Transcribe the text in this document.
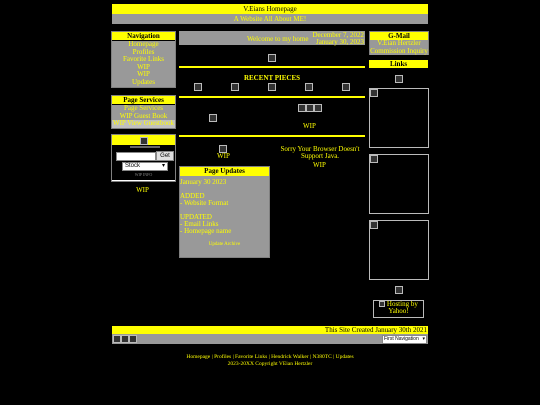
V.Eians Homepage
A Website All About ME!
Navigation
Homepage
Profiles
Favorite Links
WIP
WIP
Updates
Page Services
Page Services
WIP Guest Book
WIP View Guestbook
Get
Stock	▾
WIP INFO
WIP
Welcome to my home December 7, 2022
January 30, 2023
RECENT PIECES
WIP
WIP
Sorry Your Browser Doesn't Support Java.
WIP
Page Updates
January 30 2023
ADDED
- Website Format
UPDATED
- Email Links
- Homepage name
Update Archive
G-Mail
V.Eian Hertzler
Commission Inquiry
Links
Hosting by Yahoo!
This Site Created January 30th 2021
First Navigation ▾
Homepage | Profiles | Favorite Links | Hendrick Walker | N380TC | Updates
2023-20XX Copyright VEian Hertzler
